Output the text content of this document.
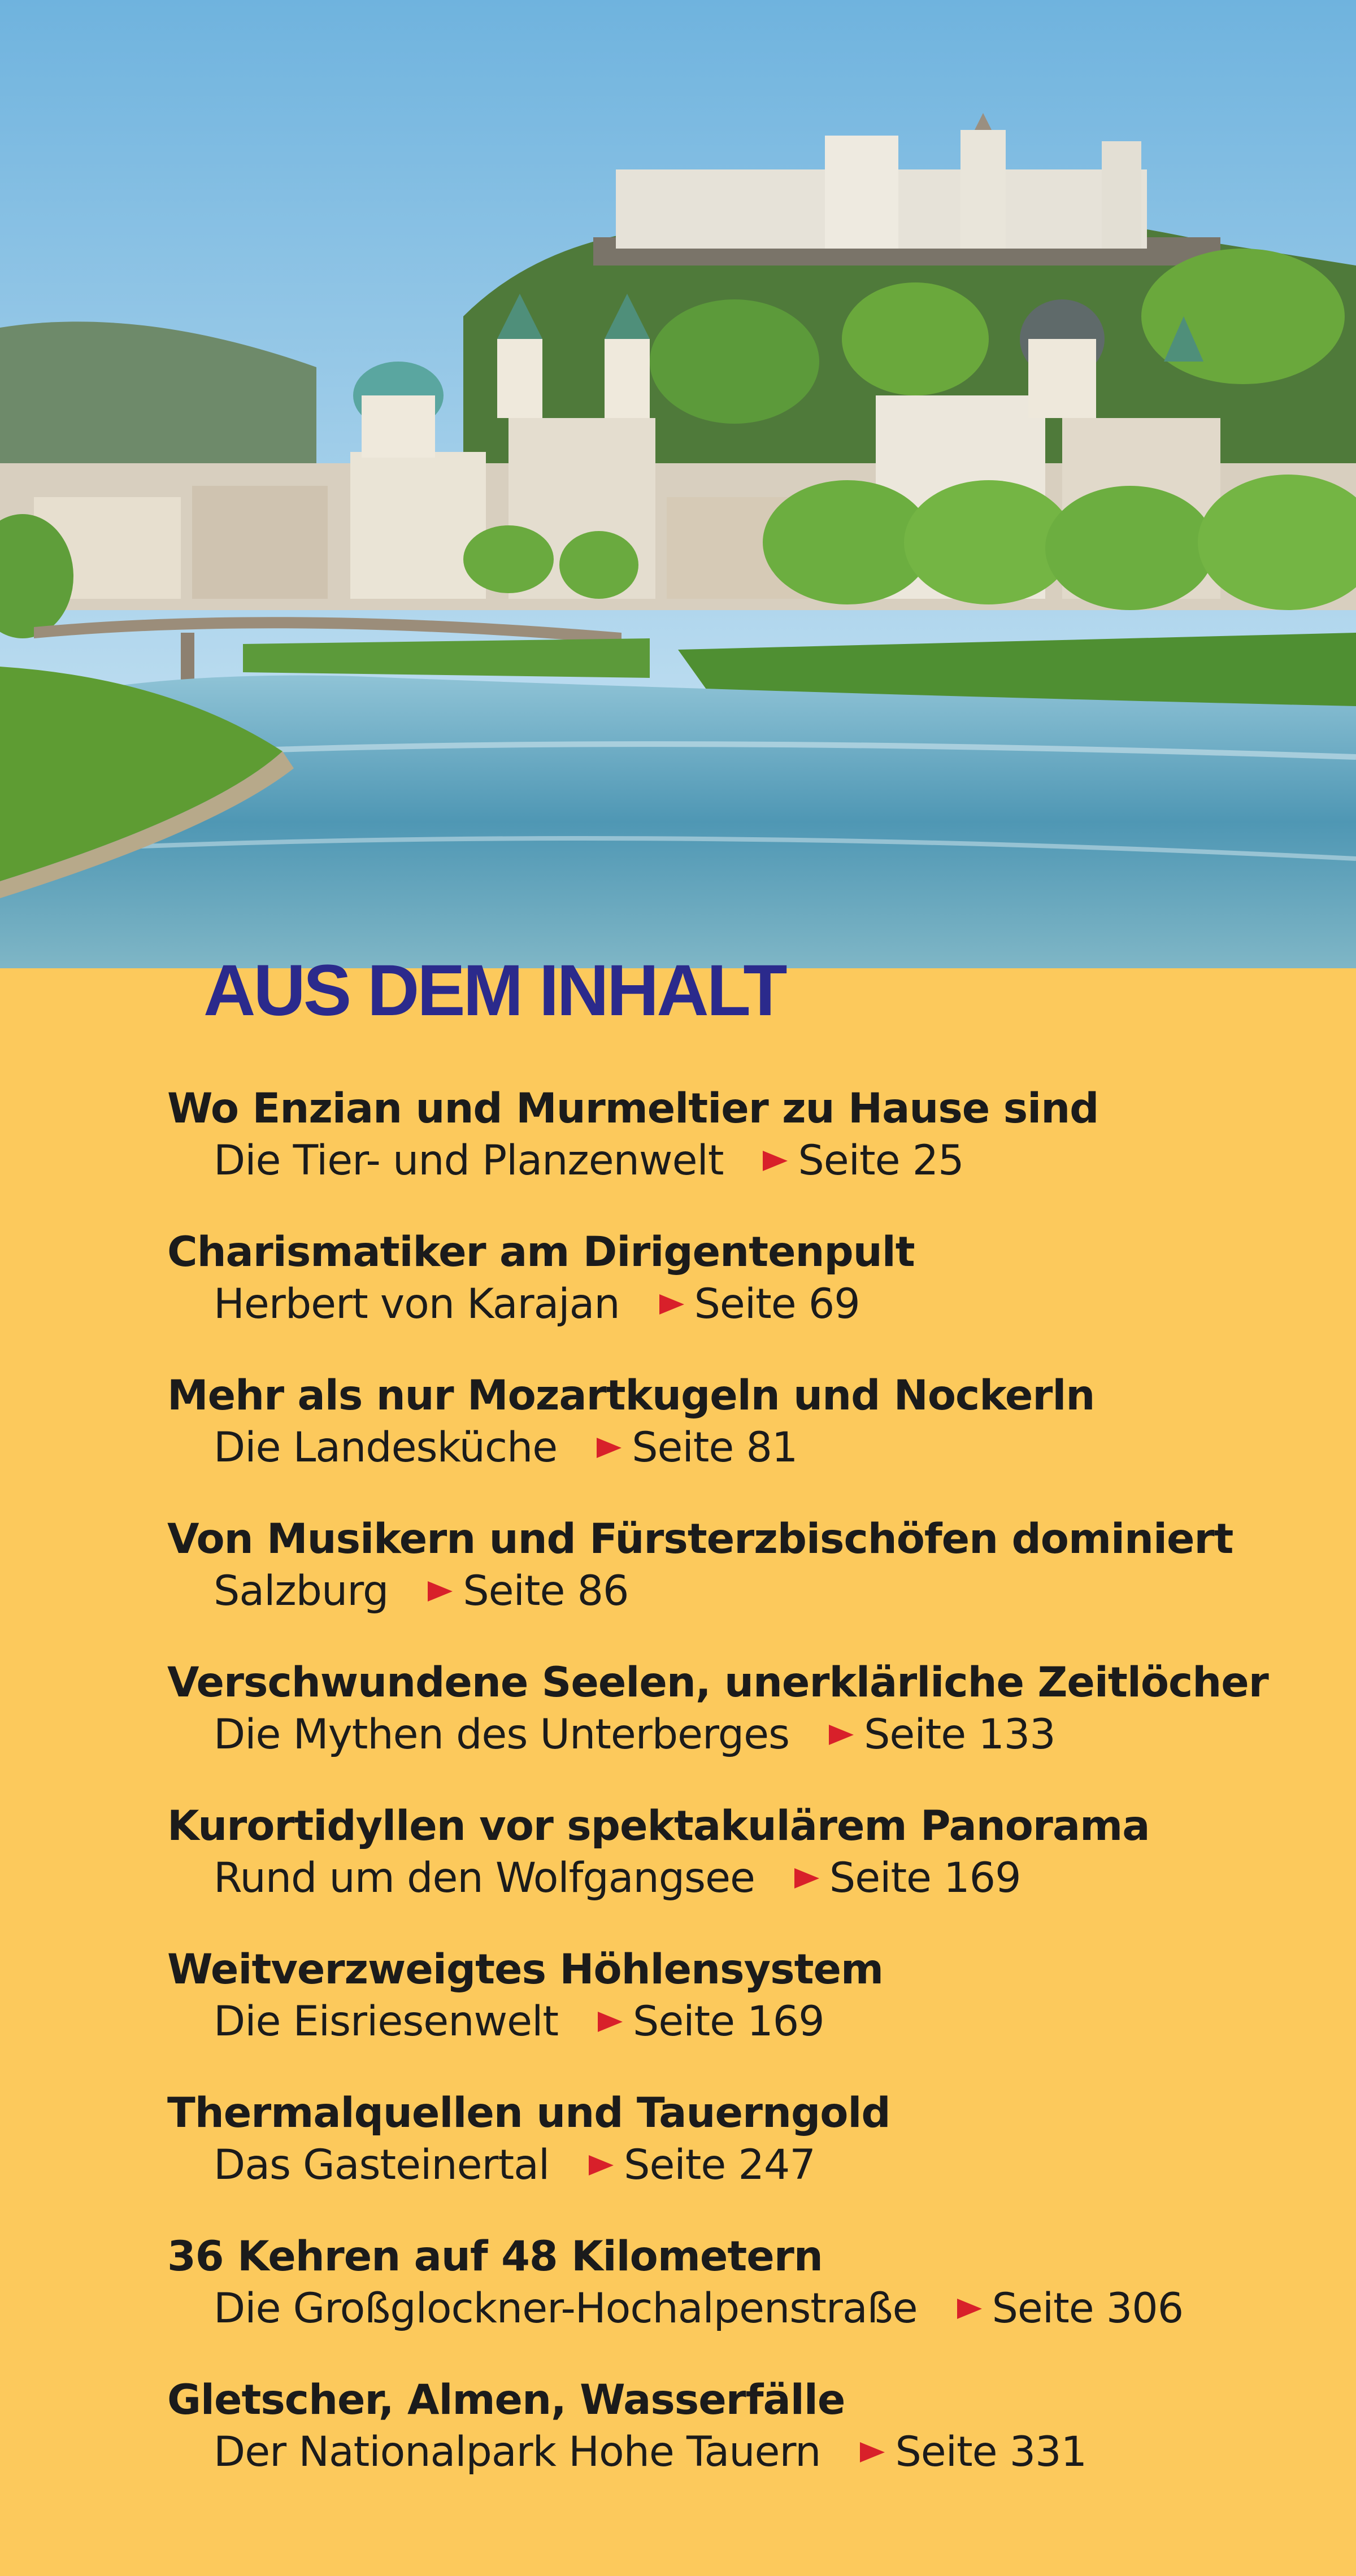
AUS DEM INHALT
Wo Enzian und Murmeltier zu Hause sind
Die Tier- und Planzenwelt Seite 25
Charismatiker am Dirigentenpult
Herbert von Karajan Seite 69
Mehr als nur Mozartkugeln und Nockerln
Die Landesküche Seite 81
Von Musikern und Fürsterzbischöfen dominiert
Salzburg Seite 86
Verschwundene Seelen, unerklärliche Zeitlöcher
Die Mythen des Unterberges Seite 133
Kurortidyllen vor spektakulärem Panorama
Rund um den Wolfgangsee Seite 169
Weitverzweigtes Höhlensystem
Die Eisriesenwelt Seite 169
Thermalquellen und Tauerngold
Das Gasteinertal Seite 247
36 Kehren auf 48 Kilometern
Die Großglockner-Hochalpenstraße Seite 306
Gletscher, Almen, Wasserfälle
Der Nationalpark Hohe Tauern Seite 331
